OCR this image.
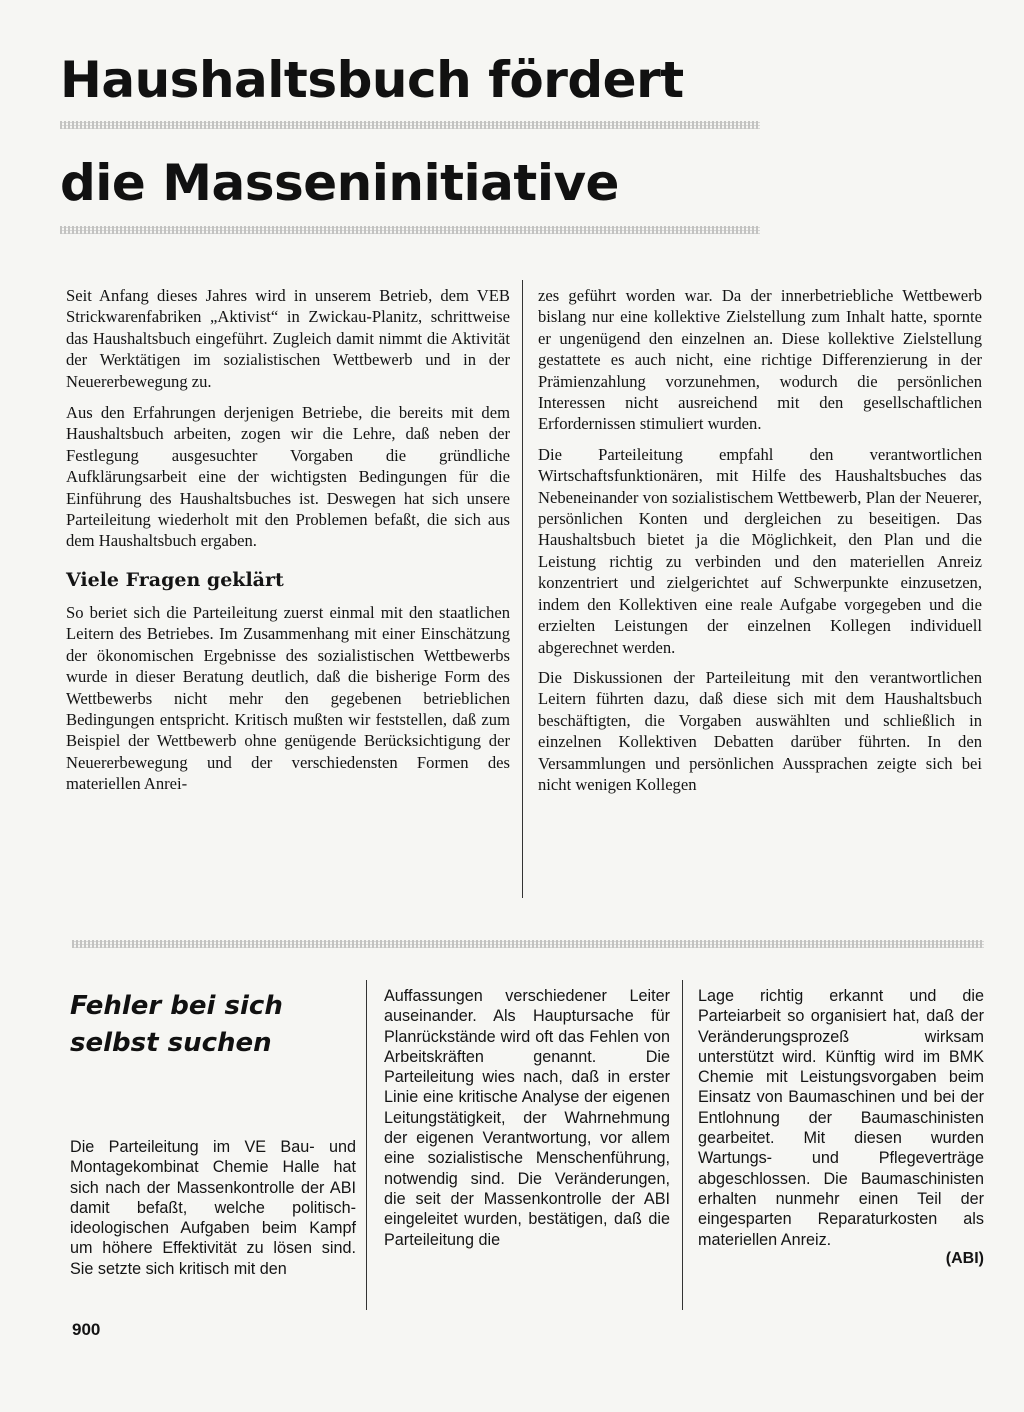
Haushaltsbuch fördert
die Masseninitiative

Seit Anfang dieses Jahres wird in unserem Betrieb, dem VEB Strickwarenfabriken „Aktivist“ in Zwickau-Planitz, schrittweise das Haushaltsbuch eingeführt. Zugleich damit nimmt die Aktivität der Werktätigen im sozialistischen Wettbewerb und in der Neuererbewegung zu.

Aus den Erfahrungen derjenigen Betriebe, die bereits mit dem Haushaltsbuch arbeiten, zogen wir die Lehre, daß neben der Festlegung ausgesuchter Vorgaben die gründliche Aufklärungsarbeit eine der wichtigsten Bedingungen für die Einführung des Haushaltsbuches ist. Deswegen hat sich unsere Parteileitung wiederholt mit den Problemen befaßt, die sich aus dem Haushaltsbuch ergaben.

Viele Fragen geklärt

So beriet sich die Parteileitung zuerst einmal mit den staatlichen Leitern des Betriebes. Im Zusammenhang mit einer Einschätzung der ökonomischen Ergebnisse des sozialistischen Wettbewerbs wurde in dieser Beratung deutlich, daß die bisherige Form des Wettbewerbs nicht mehr den gegebenen betrieblichen Bedingungen entspricht. Kritisch mußten wir feststellen, daß zum Beispiel der Wettbewerb ohne genügende Berücksichtigung der Neuererbewegung und der verschiedensten Formen des materiellen Anrei-

zes geführt worden war. Da der innerbetriebliche Wettbewerb bislang nur eine kollektive Zielstellung zum Inhalt hatte, spornte er ungenügend den einzelnen an. Diese kollektive Zielstellung gestattete es auch nicht, eine richtige Differenzierung in der Prämienzahlung vorzunehmen, wodurch die persönlichen Interessen nicht ausreichend mit den gesellschaftlichen Erfordernissen stimuliert wurden.

Die Parteileitung empfahl den verantwortlichen Wirtschaftsfunktionären, mit Hilfe des Haushaltsbuches das Nebeneinander von sozialistischem Wettbewerb, Plan der Neuerer, persönlichen Konten und dergleichen zu beseitigen. Das Haushaltsbuch bietet ja die Möglichkeit, den Plan und die Leistung richtig zu verbinden und den materiellen Anreiz konzentriert und zielgerichtet auf Schwerpunkte einzusetzen, indem den Kollektiven eine reale Aufgabe vorgegeben und die erzielten Leistungen der einzelnen Kollegen individuell abgerechnet werden.

Die Diskussionen der Parteileitung mit den verantwortlichen Leitern führten dazu, daß diese sich mit dem Haushaltsbuch beschäftigten, die Vorgaben auswählten und schließlich in einzelnen Kollektiven Debatten darüber führten. In den Versammlungen und persönlichen Aussprachen zeigte sich bei nicht wenigen Kollegen

Fehler bei sich
selbst suchen

Die Parteileitung im VE Bau- und Montagekombinat Chemie Halle hat sich nach der Massenkontrolle der ABI damit befaßt, welche politisch-ideologischen Aufgaben beim Kampf um höhere Effektivität zu lösen sind. Sie setzte sich kritisch mit den

Auffassungen verschiedener Leiter auseinander. Als Hauptursache für Planrückstände wird oft das Fehlen von Arbeitskräften genannt. Die Parteileitung wies nach, daß in erster Linie eine kritische Analyse der eigenen Leitungstätigkeit, der Wahrnehmung der eigenen Verantwortung, vor allem eine sozialistische Menschenführung, notwendig sind. Die Veränderungen, die seit der Massenkontrolle der ABI eingeleitet wurden, bestätigen, daß die Parteileitung die

Lage richtig erkannt und die Parteiarbeit so organisiert hat, daß der Veränderungsprozeß wirksam unterstützt wird. Künftig wird im BMK Chemie mit Leistungsvorgaben beim Einsatz von Baumaschinen und bei der Entlohnung der Baumaschinisten gearbeitet. Mit diesen wurden Wartungs- und Pflegeverträge abgeschlossen. Die Baumaschinisten erhalten nunmehr einen Teil der eingesparten Reparaturkosten als materiellen Anreiz.

(ABI)
900
